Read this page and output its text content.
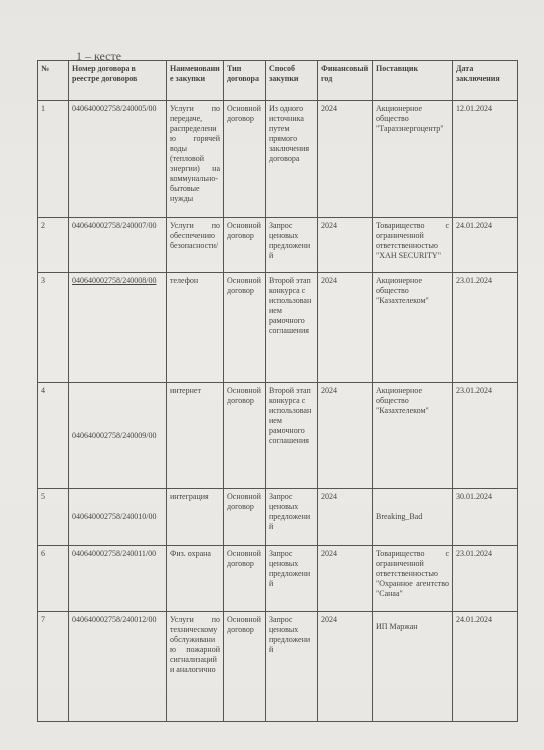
1 – кесте
№	Номер договора в реестре договоров	Наименование закупки	Тип договора	Способ закупки	Финансовый год	Поставщик	Дата заключения
1	040640002758/240005/00	Услуги по передаче, распределению горячей воды (тепловой энергии) на коммунально-бытовые нужды	Основной договор	Из одного источника путем прямого заключения договора	2024	Акционерное общество "Таразэнергоцентр"	12.01.2024
2	040640002758/240007/00	Услуги по обеспечению безопасности/	Основной договор	Запрос ценовых предложений	2024	Товарищество с ограниченной ответственностью "ХАН SECURITY"	24.01.2024
3	040640002758/240008/00	телефон	Основной договор	Второй этап конкурса с использованием рамочного соглашения	2024	Акционерное общество "Казахтелеком"	23.01.2024
4	040640002758/240009/00	интернет	Основной договор	Второй этап конкурса с использованием рамочного соглашения	2024	Акционерное общество "Казахтелеком"	23.01.2024
5	040640002758/240010/00	интеграция	Основной договор	Запрос ценовых предложений	2024	Breaking_Bad	30.01.2024
6	040640002758/240011/00	Физ. охрана	Основной договор	Запрос ценовых предложений	2024	Товарищество с ограниченной ответственностью "Охранное агентство "Санаа"	23.01.2024
7	040640002758/240012/00	Услуги по техническому обслуживанию пожарной сигнализаций и аналогично	Основной договор	Запрос ценовых предложений	2024	ИП Маржан	24.01.2024
